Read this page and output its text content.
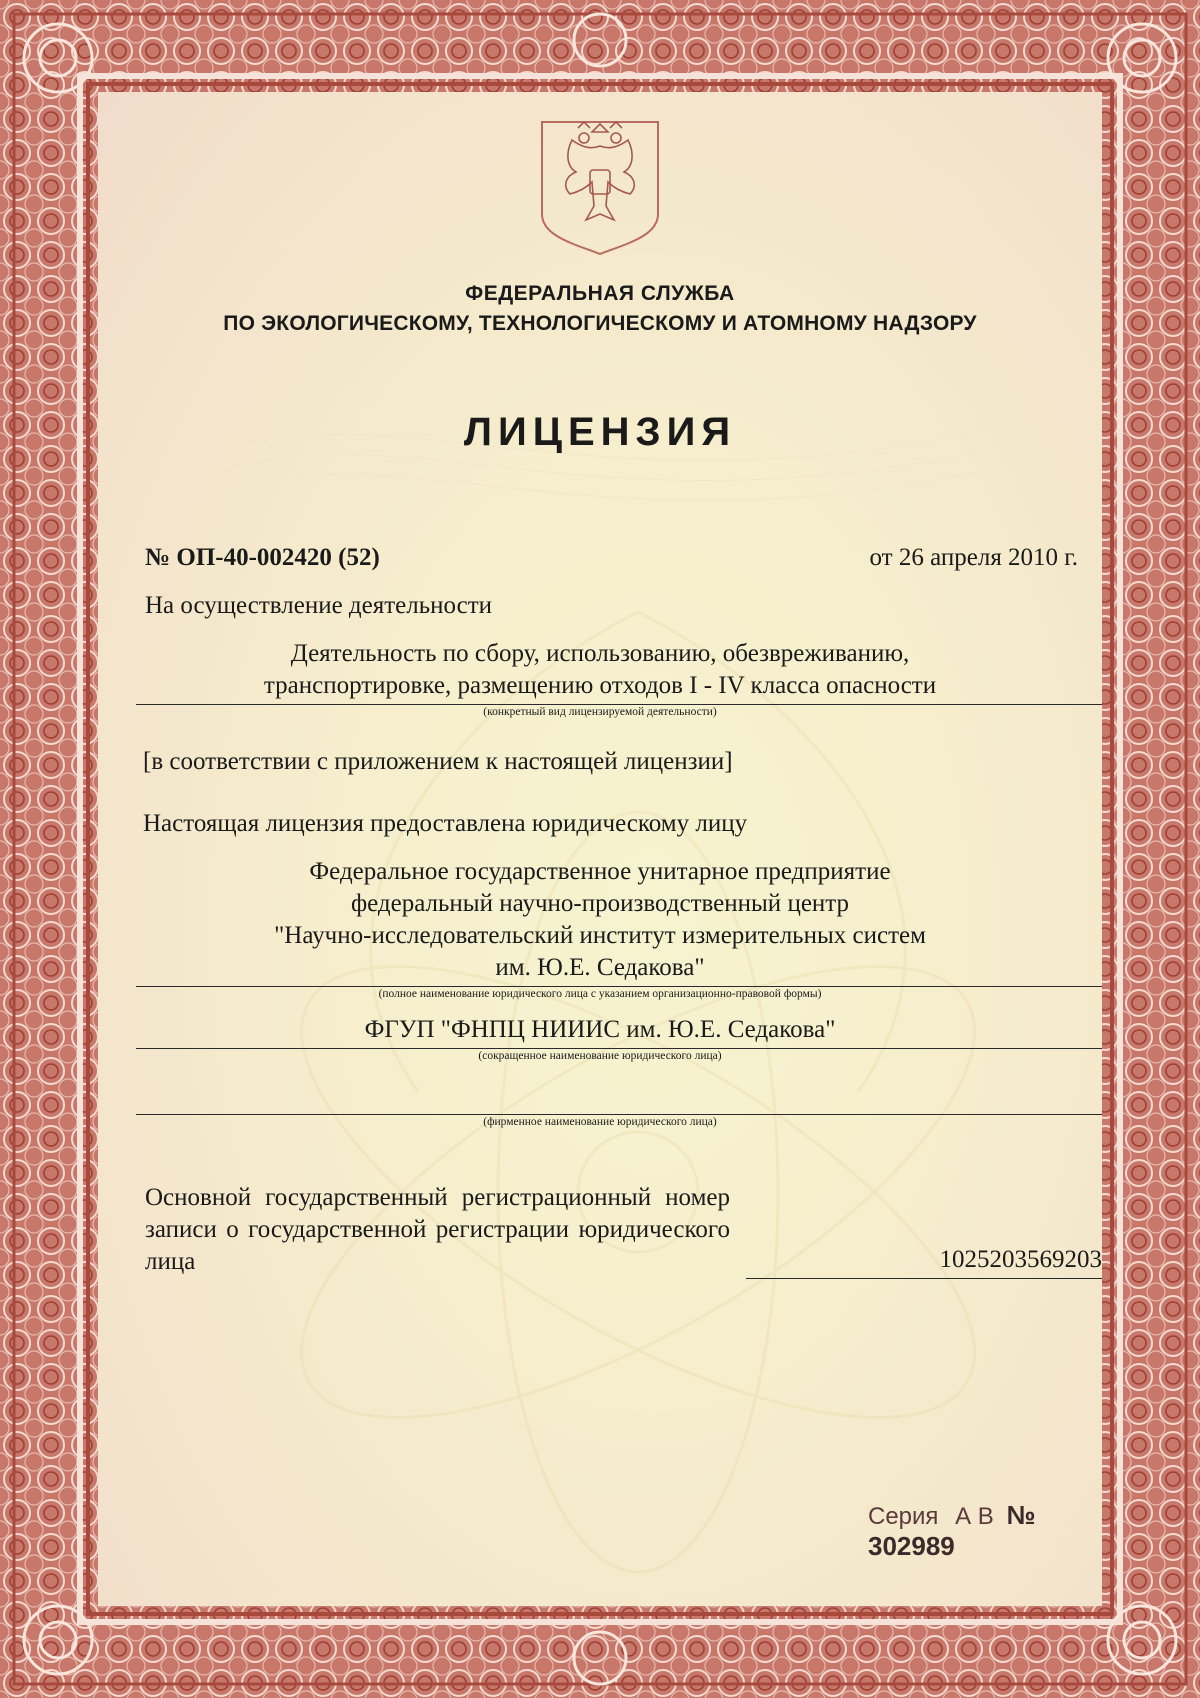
ФЕДЕРАЛЬНАЯ СЛУЖБА
ПО ЭКОЛОГИЧЕСКОМУ, ТЕХНОЛОГИЧЕСКОМУ И АТОМНОМУ НАДЗОРУ
ЛИЦЕНЗИЯ
№ ОП-40-002420 (52)	от 26 апреля 2010 г.
На осуществление деятельности
Деятельность по сбору, использованию, обезвреживанию,
транспортировке, размещению отходов I - IV класса опасности
(конкретный вид лицензируемой деятельности)
[в соответствии с приложением к настоящей лицензии]
Настоящая лицензия предоставлена юридическому лицу
Федеральное государственное унитарное предприятие
федеральный научно-производственный центр
"Научно-исследовательский институт измерительных систем
им. Ю.Е. Седакова"
(полное наименование юридического лица с указанием организационно-правовой формы)
ФГУП "ФНПЦ НИИИС им. Ю.Е. Седакова"
(сокращенное наименование юридического лица)
(фирменное наименование юридического лица)
Основной государственный регистрационный номер записи о государственной регистрации юридического лица	1025203569203
Серия А В № 302989
